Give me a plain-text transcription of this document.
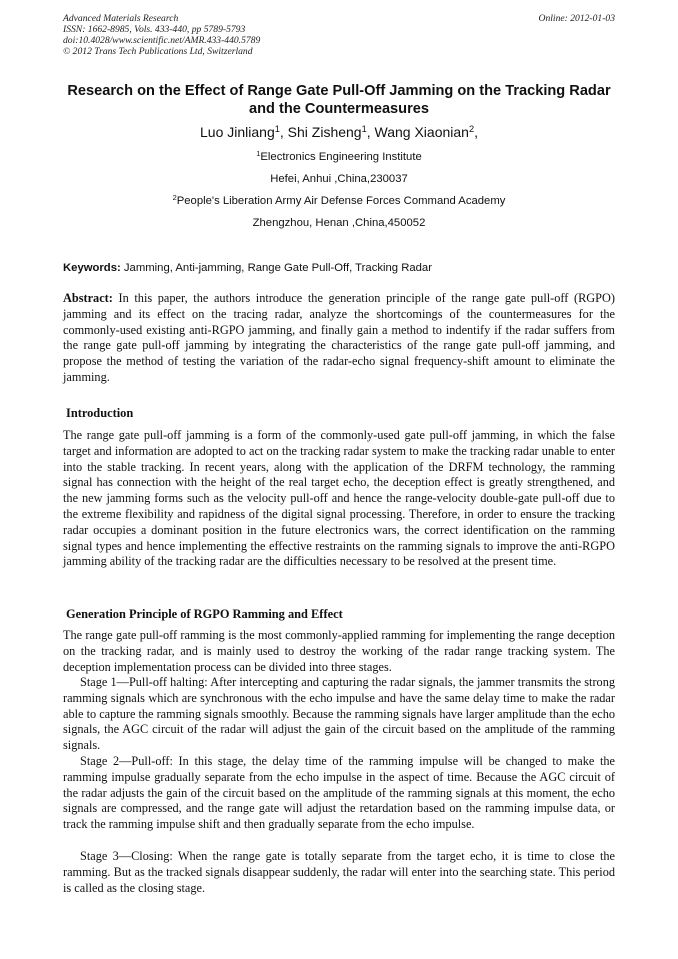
Advanced Materials Research
ISSN: 1662-8985, Vols. 433-440, pp 5789-5793
doi:10.4028/www.scientific.net/AMR.433-440.5789
© 2012 Trans Tech Publications Ltd, Switzerland
Online: 2012-01-03
Research on the Effect of Range Gate Pull-Off Jamming on the Tracking Radar and the Countermeasures
Luo Jinliang$^1$, Shi Zisheng$^1$, Wang Xiaonian$^2$,
$^1$Electronics Engineering Institute
Hefei, Anhui ,China,230037
$^2$People's Liberation Army Air Defense Forces Command Academy
Zhengzhou, Henan ,China,450052
Keywords: Jamming, Anti-jamming, Range Gate Pull-Off, Tracking Radar
Abstract: In this paper, the authors introduce the generation principle of the range gate pull-off (RGPO) jamming and its effect on the tracing radar, analyze the shortcomings of the countermeasures for the commonly-used existing anti-RGPO jamming, and finally gain a method to indentify if the radar suffers from the range gate pull-off jamming by integrating the characteristics of the range gate pull-off jamming, and propose the method of testing the variation of the radar-echo signal frequency-shift amount to eliminate the jamming.
Introduction

The range gate pull-off jamming is a form of the commonly-used gate pull-off jamming, in which the false target and information are adopted to act on the tracking radar system to make the tracking radar unable to enter into the stable tracking. In recent years, along with the application of the DRFM technology, the ramming signal has connection with the height of the real target echo, the deception effect is greatly strengthened, and the new jamming forms such as the velocity pull-off and hence the range-velocity double-gate pull-off due to the extreme flexibility and rapidness of the digital signal processing. Therefore, in order to ensure the tracking radar occupies a dominant position in the future electronics wars, the correct identification on the ramming signal types and hence implementing the effective restraints on the ramming signals to improve the anti-RGPO jamming ability of the tracking radar are the difficulties necessary to be resolved at the present time.

Generation Principle of RGPO Ramming and Effect

The range gate pull-off ramming is the most commonly-applied ramming for implementing the range deception on the tracking radar, and is mainly used to destroy the working of the radar range tracking system. The deception implementation process can be divided into three stages.

Stage 1—Pull-off halting: After intercepting and capturing the radar signals, the jammer transmits the strong ramming signals which are synchronous with the echo impulse and have the same delay time to make the radar able to capture the ramming signals smoothly. Because the ramming signals have larger amplitude than the echo signals, the AGC circuit of the radar will adjust the gain of the circuit based on the amplitude of the ramming signals.

Stage 2—Pull-off: In this stage, the delay time of the ramming impulse will be changed to make the ramming impulse gradually separate from the echo impulse in the aspect of time. Because the AGC circuit of the radar adjusts the gain of the circuit based on the amplitude of the ramming signals at this moment, the echo signals are compressed, and the range gate will adjust the retardation based on the ramming impulse data, or track the ramming impulse shift and then gradually separate from the echo impulse.

Stage 3—Closing: When the range gate is totally separate from the target echo, it is time to close the ramming. But as the tracked signals disappear suddenly, the radar will enter into the searching state. This period is called as the closing stage.
